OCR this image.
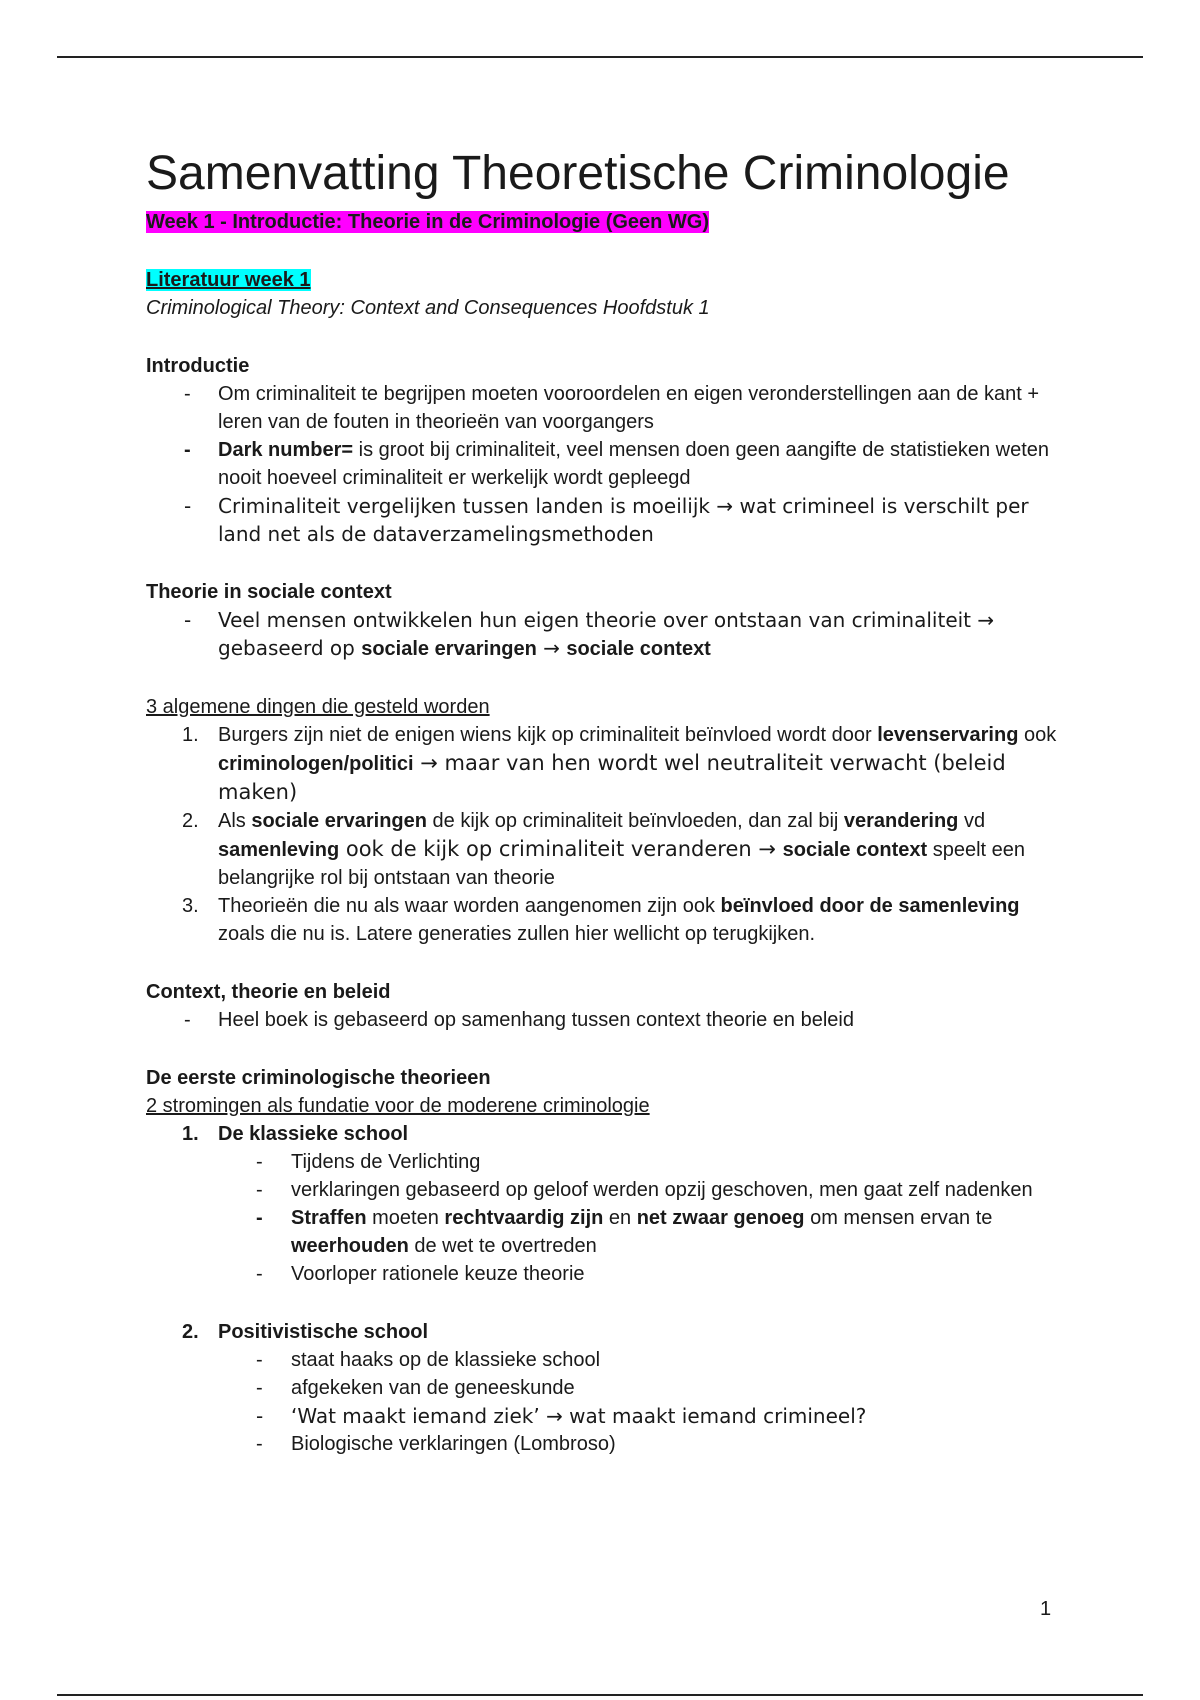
Samenvatting Theoretische Criminologie

Week 1 - Introductie: Theorie in de Criminologie (Geen WG)

Literatuur week 1

Criminological Theory: Context and Consequences Hoofdstuk 1

Introductie

-	Om criminaliteit te begrijpen moeten vooroordelen en eigen veronderstellingen aan de kant + leren van de fouten in theorieën van voorgangers
-	Dark number= is groot bij criminaliteit, veel mensen doen geen aangifte de statistieken weten nooit hoeveel criminaliteit er werkelijk wordt gepleegd
-	Criminaliteit vergelijken tussen landen is moeilijk → wat crimineel is verschilt per land net als de dataverzamelingsmethoden

Theorie in sociale context

-	Veel mensen ontwikkelen hun eigen theorie over ontstaan van criminaliteit → gebaseerd op sociale ervaringen → sociale context

3 algemene dingen die gesteld worden

1. Burgers zijn niet de enigen wiens kijk op criminaliteit beïnvloed wordt door levenservaring ook criminologen/politici → maar van hen wordt wel neutraliteit verwacht (beleid maken)
2. Als sociale ervaringen de kijk op criminaliteit beïnvloeden, dan zal bij verandering vd samenleving ook de kijk op criminaliteit veranderen → sociale context speelt een belangrijke rol bij ontstaan van theorie
3. Theorieën die nu als waar worden aangenomen zijn ook beïnvloed door de samenleving zoals die nu is. Latere generaties zullen hier wellicht op terugkijken.

Context, theorie en beleid

-	Heel boek is gebaseerd op samenhang tussen context theorie en beleid

De eerste criminologische theorieen

2 stromingen als fundatie voor de moderene criminologie

1. De klassieke school
-	Tijdens de Verlichting
-	verklaringen gebaseerd op geloof werden opzij geschoven, men gaat zelf nadenken
-	Straffen moeten rechtvaardig zijn en net zwaar genoeg om mensen ervan te weerhouden de wet te overtreden
-	Voorloper rationele keuze theorie
2. Positivistische school
-	staat haaks op de klassieke school
-	afgekeken van de geneeskunde
-	‘Wat maakt iemand ziek’ → wat maakt iemand crimineel?
-	Biologische verklaringen (Lombroso)
1
